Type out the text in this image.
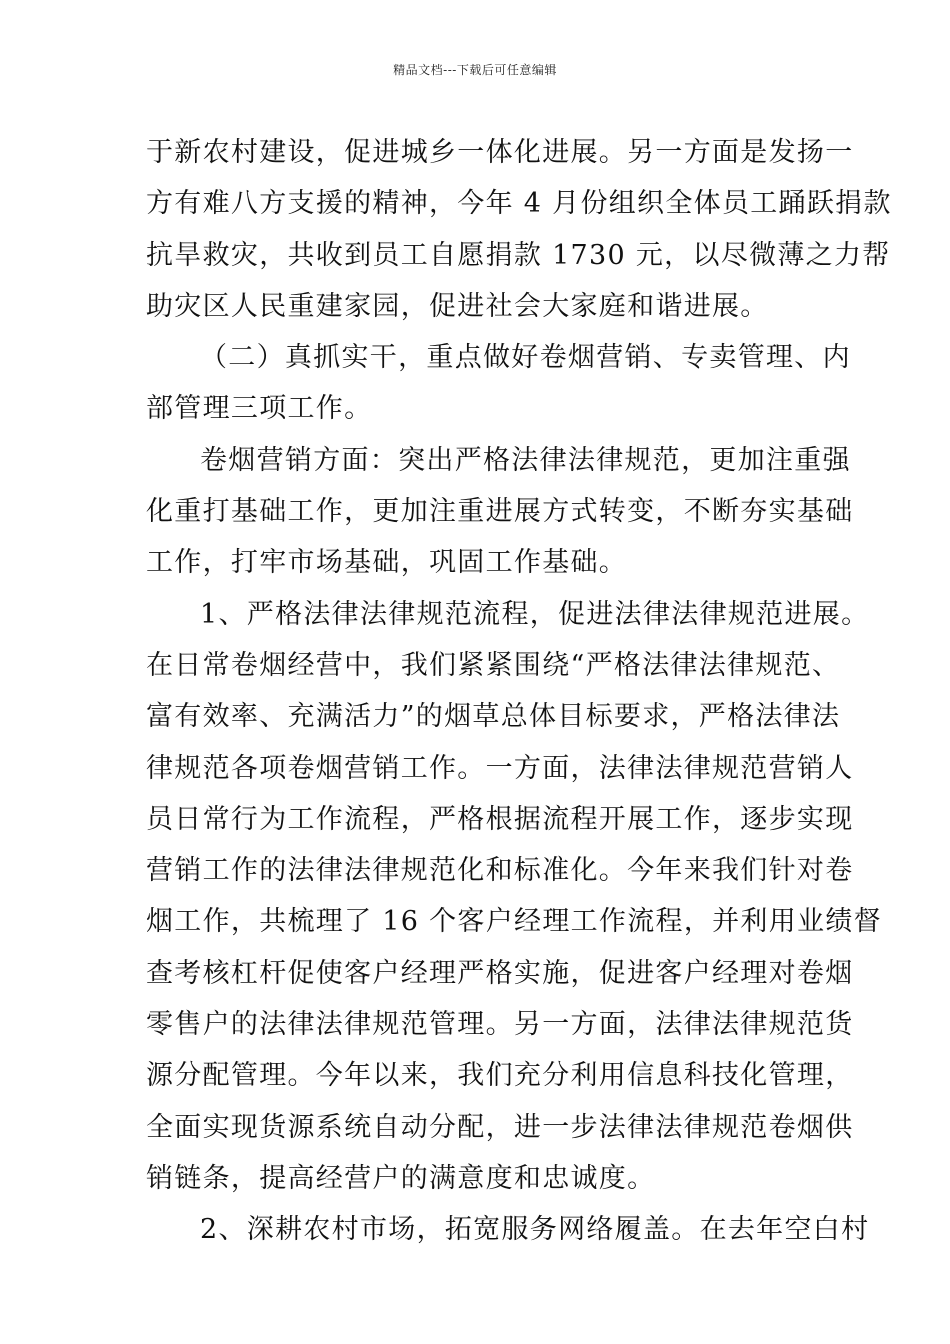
精品文档---下载后可任意编辑
于新农村建设，促进城乡一体化进展。另一方面是发扬一
方有难八方支援的精神，今年 4 月份组织全体员工踊跃捐款
抗旱救灾，共收到员工自愿捐款 1730 元，以尽微薄之力帮
助灾区人民重建家园，促进社会大家庭和谐进展。
（二）真抓实干，重点做好卷烟营销、专卖管理、内
部管理三项工作。
卷烟营销方面：突出严格法律法律规范，更加注重强
化重打基础工作，更加注重进展方式转变，不断夯实基础
工作，打牢市场基础，巩固工作基础。
1、严格法律法律规范流程，促进法律法律规范进展。
在日常卷烟经营中，我们紧紧围绕“严格法律法律规范、
富有效率、充满活力”的烟草总体目标要求，严格法律法
律规范各项卷烟营销工作。一方面，法律法律规范营销人
员日常行为工作流程，严格根据流程开展工作，逐步实现
营销工作的法律法律规范化和标准化。今年来我们针对卷
烟工作，共梳理了 16 个客户经理工作流程，并利用业绩督
查考核杠杆促使客户经理严格实施，促进客户经理对卷烟
零售户的法律法律规范管理。另一方面，法律法律规范货
源分配管理。今年以来，我们充分利用信息科技化管理，
全面实现货源系统自动分配，进一步法律法律规范卷烟供
销链条，提高经营户的满意度和忠诚度。
2、深耕农村市场，拓宽服务网络履盖。在去年空白村
